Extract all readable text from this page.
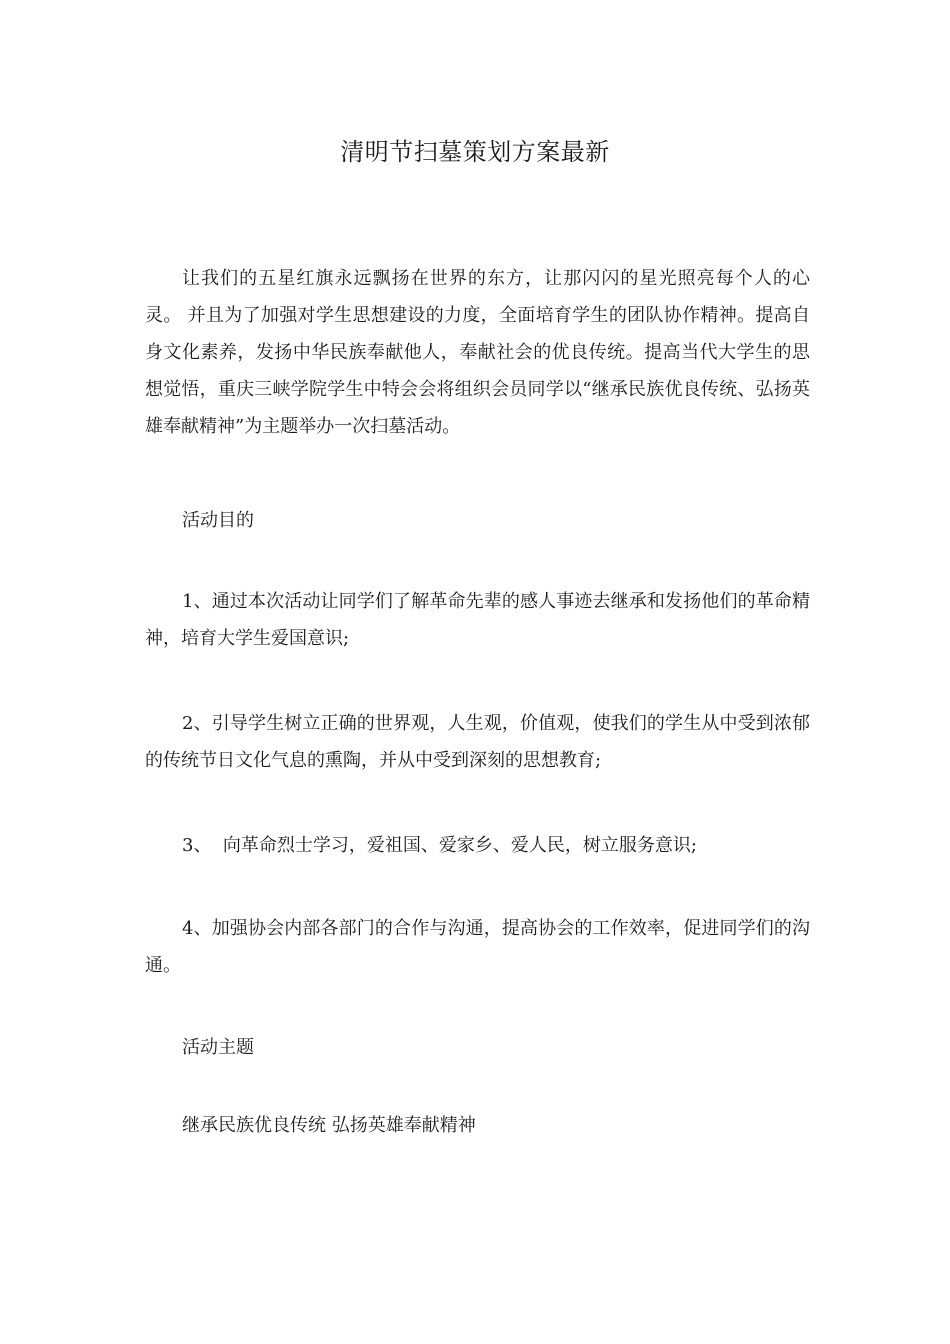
清明节扫墓策划方案最新

让我们的五星红旗永远飘扬在世界的东方，让那闪闪的星光照亮每个人的心灵。 并且为了加强对学生思想建设的力度，全面培育学生的团队协作精神。提高自身文化素养，发扬中华民族奉献他人，奉献社会的优良传统。提高当代大学生的思想觉悟，重庆三峡学院学生中特会会将组织会员同学以“继承民族优良传统、弘扬英雄奉献精神”为主题举办一次扫墓活动。

活动目的

1、通过本次活动让同学们了解革命先辈的感人事迹去继承和发扬他们的革命精神，培育大学生爱国意识;

2、引导学生树立正确的世界观，人生观，价值观，使我们的学生从中受到浓郁的传统节日文化气息的熏陶，并从中受到深刻的思想教育;

3、  向革命烈士学习，爱祖国、爱家乡、爱人民，树立服务意识;

4、加强协会内部各部门的合作与沟通，提高协会的工作效率，促进同学们的沟通。

活动主题

继承民族优良传统 弘扬英雄奉献精神
